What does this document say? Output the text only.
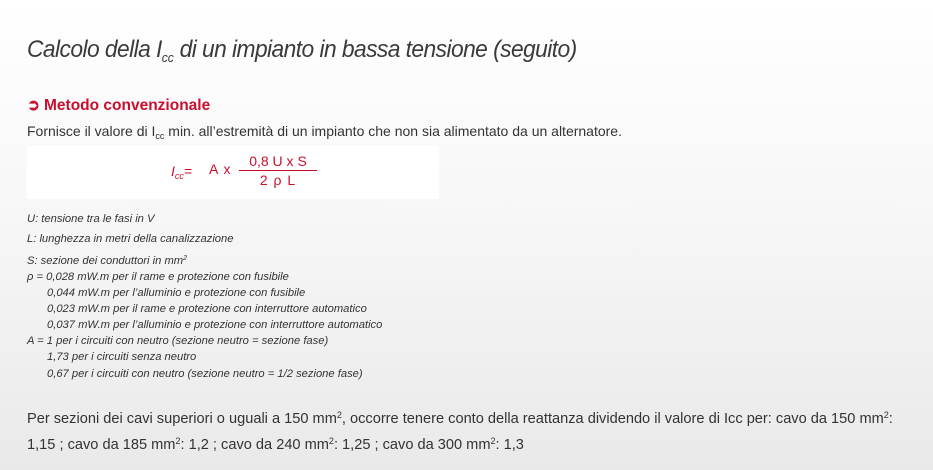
Calcolo della $I_{cc}$ di un impianto in bassa tensione (seguito)
➲ Metodo convenzionale
Fornisce il valore di $I_{cc}$ min. all’estremità di un impianto che non sia alimentato da un alternatore.
$I_{cc}= A$ x $\frac{\text{0,8 U x S}}{\text{2 ρ L}}$
U: tensione tra le fasi in V
L: lunghezza in metri della canalizzazione
S: sezione dei conduttori in $mm^2$
ρ = 0,028 mW.m per il rame e protezione con fusibile
0,044 mW.m per l’alluminio e protezione con fusibile
0,023 mW.m per il rame e protezione con interruttore automatico
0,037 mW.m per l’alluminio e protezione con interruttore automatico
A = 1 per i circuiti con neutro (sezione neutro = sezione fase)
1,73 per i circuiti senza neutro
0,67 per i circuiti con neutro (sezione neutro = 1/2 sezione fase)
Per sezioni dei cavi superiori o uguali a 150 $mm^2$, occorre tenere conto della reattanza dividendo il valore di Icc per: cavo da 150 $mm^2$: 1,15 ; cavo da 185 $mm^2$: 1,2 ; cavo da 240 $mm^2$: 1,25 ; cavo da 300 $mm^2$: 1,3
